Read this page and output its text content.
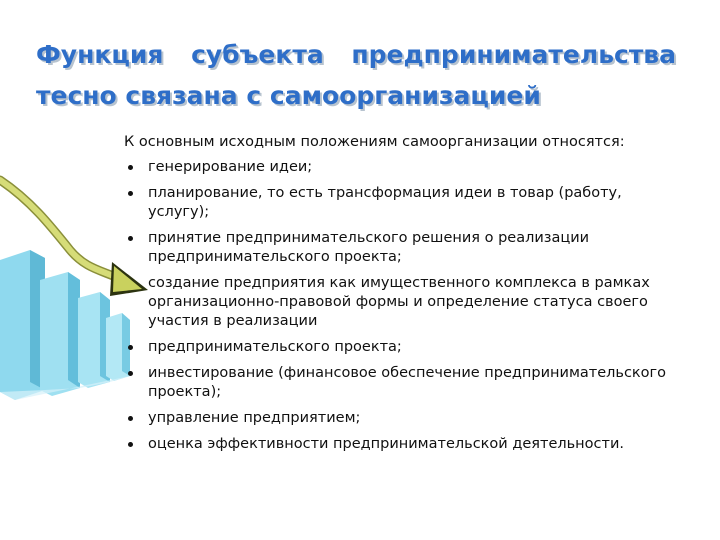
Функция субъекта предпринимательства
тесно связана с самоорганизацией

К основным исходным положениям самоорганизации относятся:

генерирование идеи;
планирование, то есть трансформация идеи в товар (работу, услугу);
принятие предпринимательского решения о реализации предпринимательского проекта;
создание предприятия как имущественного комплекса в рамках организационно-правовой формы и определение статуса своего участия в реализации
предпринимательского проекта;
инвестирование (финансовое обеспечение предпринимательского проекта);
управление предприятием;
оценка эффективности предпринимательской деятельности.
